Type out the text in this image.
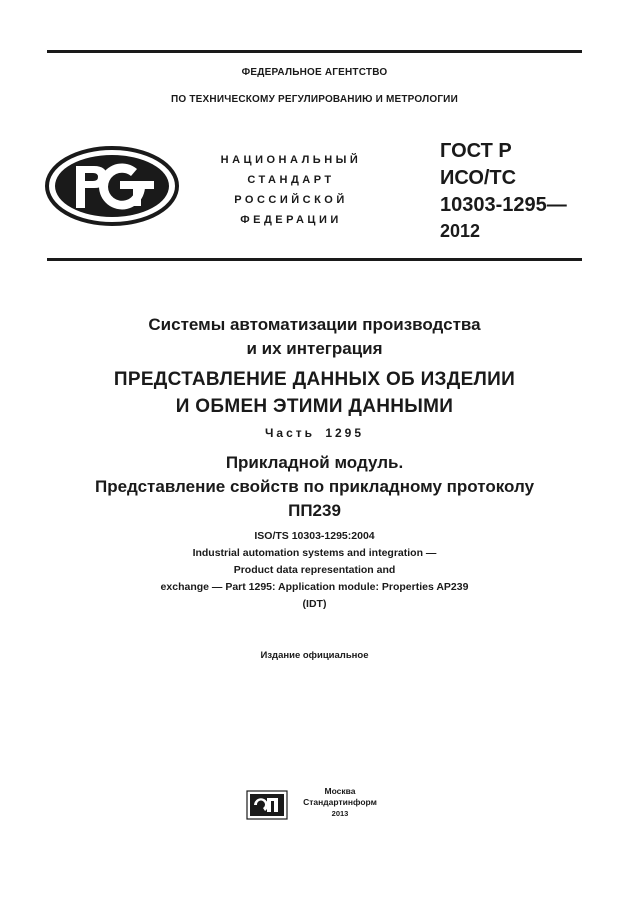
ФЕДЕРАЛЬНОЕ АГЕНТСТВО
ПО ТЕХНИЧЕСКОМУ РЕГУЛИРОВАНИЮ И МЕТРОЛОГИИ
НАЦИОНАЛЬНЫЙ
СТАНДАРТ
РОССИЙСКОЙ
ФЕДЕРАЦИИ
ГОСТ Р
ИСО/ТС
10303-1295—
2012
Системы автоматизации производства
и их интеграция
ПРЕДСТАВЛЕНИЕ ДАННЫХ ОБ ИЗДЕЛИИ
И ОБМЕН ЭТИМИ ДАННЫМИ
Часть 1295
Прикладной модуль.
Представление свойств по прикладному протоколу
ПП239
ISO/TS 10303-1295:2004
Industrial automation systems and integration —
Product data representation and
exchange — Part 1295: Application module: Properties AP239
(IDT)
Издание официальное
Москва
Стандартинформ
2013
